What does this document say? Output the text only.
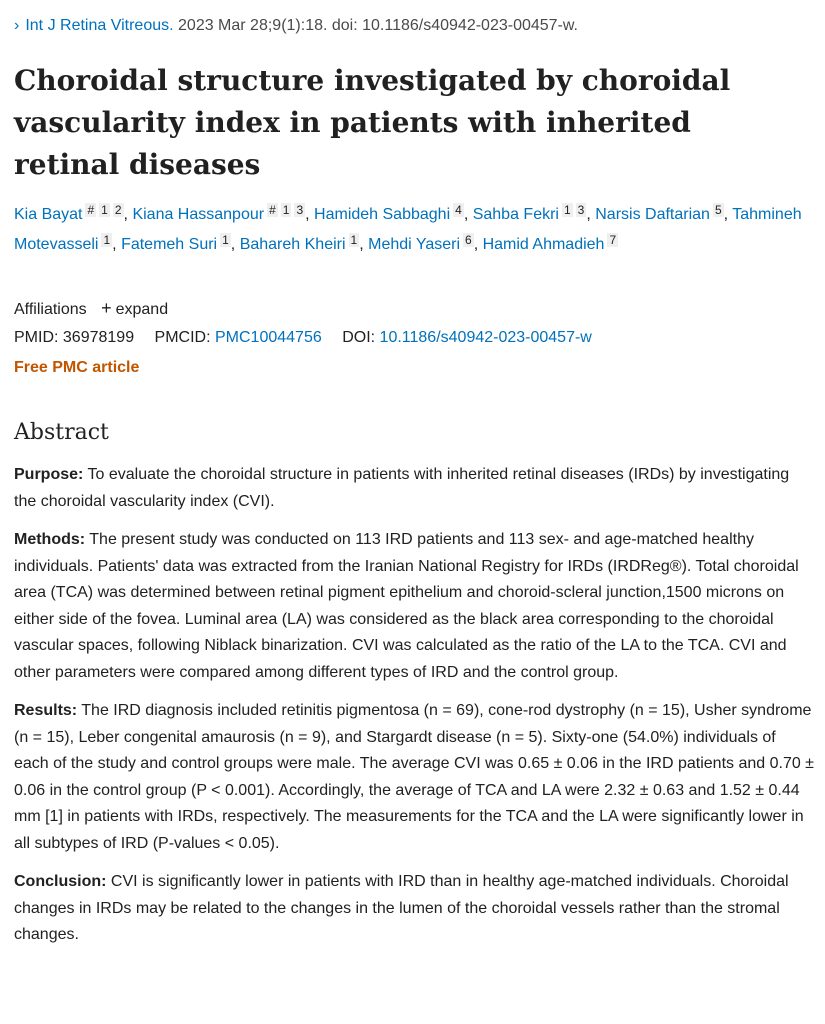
› Int J Retina Vitreous. 2023 Mar 28;9(1):18. doi: 10.1186/s40942-023-00457-w.
Choroidal structure investigated by choroidal vascularity index in patients with inherited retinal diseases
Kia Bayat # $^1$ $^2$ , Kiana Hassanpour # $^1$ $^3$ , Hamideh Sabbaghi $^4$ , Sahba Fekri $^1$ $^3$ , Narsis Daftarian $^5$ , Tahmineh Motevasseli $^1$ , Fatemeh Suri $^1$ , Bahareh Kheiri $^1$ , Mehdi Yaseri $^6$ , Hamid Ahmadieh $^7$
Affiliations + expand
PMID: 36978199 PMCID: PMC10044756 DOI: 10.1186/s40942-023-00457-w
Free PMC article
Abstract

Purpose: To evaluate the choroidal structure in patients with inherited retinal diseases (IRDs) by investigating the choroidal vascularity index (CVI).

Methods: The present study was conducted on 113 IRD patients and 113 sex- and age-matched healthy individuals. Patients' data was extracted from the Iranian National Registry for IRDs (IRDReg®). Total choroidal area (TCA) was determined between retinal pigment epithelium and choroid-scleral junction,1500 microns on either side of the fovea. Luminal area (LA) was considered as the black area corresponding to the choroidal vascular spaces, following Niblack binarization. CVI was calculated as the ratio of the LA to the TCA. CVI and other parameters were compared among different types of IRD and the control group.

Results: The IRD diagnosis included retinitis pigmentosa (n = 69), cone-rod dystrophy (n = 15), Usher syndrome (n = 15), Leber congenital amaurosis (n = 9), and Stargardt disease (n = 5). Sixty-one (54.0%) individuals of each of the study and control groups were male. The average CVI was 0.65 ± 0.06 in the IRD patients and 0.70 ± 0.06 in the control group (P < 0.001). Accordingly, the average of TCA and LA were 2.32 ± 0.63 and 1.52 ± 0.44 mm [1] in patients with IRDs, respectively. The measurements for the TCA and the LA were significantly lower in all subtypes of IRD (P-values < 0.05).

Conclusion: CVI is significantly lower in patients with IRD than in healthy age-matched individuals. Choroidal changes in IRDs may be related to the changes in the lumen of the choroidal vessels rather than the stromal changes.
